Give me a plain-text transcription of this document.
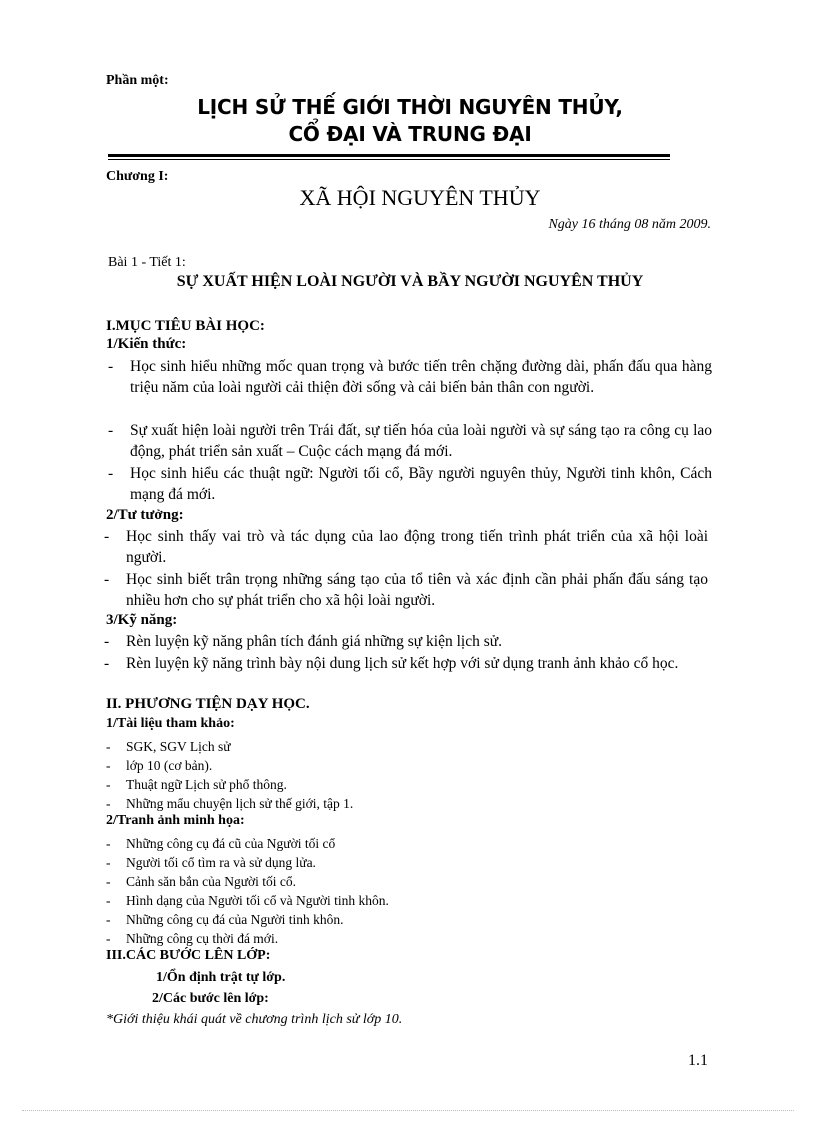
Phần một:
LỊCH SỬ THẾ GIỚI THỜI NGUYÊN THỦY,
CỔ ĐẠI VÀ TRUNG ĐẠI
Chương I:
XÃ HỘI NGUYÊN THỦY
Ngày 16 tháng 08 năm 2009.
Bài 1 - Tiết 1:
SỰ XUẤT HIỆN LOÀI NGƯỜI VÀ BẦY NGƯỜI NGUYÊN THỦY
I.MỤC TIÊU BÀI HỌC:
1/Kiến thức:
- Học sinh hiểu những mốc quan trọng và bước tiến trên chặng đường dài, phấn đấu qua hàng triệu năm của loài người cải thiện đời sống và cải biến bản thân con người.
- Sự xuất hiện loài người trên Trái đất, sự tiến hóa của loài người và sự sáng tạo ra công cụ lao động, phát triển sản xuất – Cuộc cách mạng đá mới.
- Học sinh hiểu các thuật ngữ: Người tối cổ, Bầy người nguyên thủy, Người tinh khôn, Cách mạng đá mới.
2/Tư tưởng:
- Học sinh thấy vai trò và tác dụng của lao động trong tiến trình phát triển của xã hội loài người.
- Học sinh biết trân trọng những sáng tạo của tổ tiên và xác định cần phải phấn đấu sáng tạo nhiều hơn cho sự phát triển cho xã hội loài người.
3/Kỹ năng:
- Rèn luyện kỹ năng phân tích đánh giá những sự kiện lịch sử.
- Rèn luyện kỹ năng trình bày nội dung lịch sử kết hợp với sử dụng tranh ảnh khảo cổ học.
II. PHƯƠNG TIỆN DẠY HỌC.
1/Tài liệu tham khảo:
- SGK, SGV Lịch sử
- lớp 10 (cơ bản).
- Thuật ngữ Lịch sử phổ thông.
- Những mẩu chuyện lịch sử thế giới, tập 1.
2/Tranh ảnh minh họa:
- Những công cụ đá cũ của Người tối cổ
- Người tối cổ tìm ra và sử dụng lửa.
- Cảnh săn bắn của Người tối cổ.
- Hình dạng của Người tối cổ và Người tinh khôn.
- Những công cụ đá của Người tinh khôn.
- Những công cụ thời đá mới.
III.CÁC BƯỚC LÊN LỚP:
1/Ổn định trật tự lớp.
2/Các bước lên lớp:
*Giới thiệu khái quát về chương trình lịch sử lớp 10.
1.1
